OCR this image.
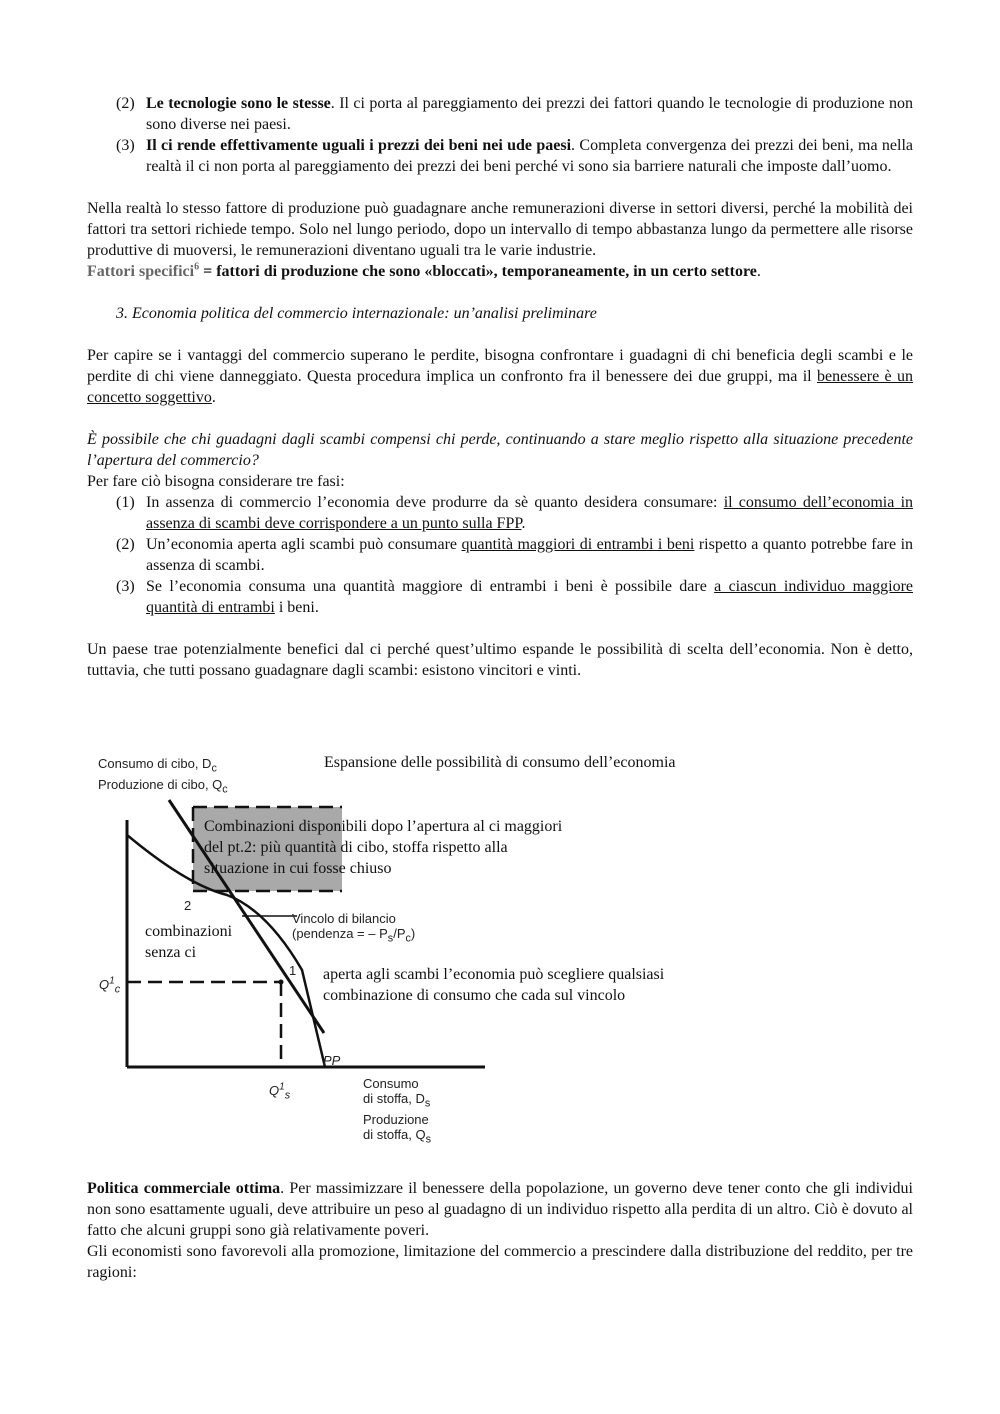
(2) Le tecnologie sono le stesse. Il ci porta al pareggiamento dei prezzi dei fattori quando le tecnologie di produzione non sono diverse nei paesi.
(3) Il ci rende effettivamente uguali i prezzi dei beni nei ude paesi. Completa convergenza dei prezzi dei beni, ma nella realtà il ci non porta al pareggiamento dei prezzi dei beni perché vi sono sia barriere naturali che imposte dall’uomo.

Nella realtà lo stesso fattore di produzione può guadagnare anche remunerazioni diverse in settori diversi, perché la mobilità dei fattori tra settori richiede tempo. Solo nel lungo periodo, dopo un intervallo di tempo abbastanza lungo da permettere alle risorse produttive di muoversi, le remunerazioni diventano uguali tra le varie industrie.

Fattori specifici$^6$ = fattori di produzione che sono «bloccati», temporaneamente, in un certo settore.

3. Economia politica del commercio internazionale: un’analisi preliminare

Per capire se i vantaggi del commercio superano le perdite, bisogna confrontare i guadagni di chi beneficia degli scambi e le perdite di chi viene danneggiato. Questa procedura implica un confronto fra il benessere dei due gruppi, ma il benessere è un concetto soggettivo.

È possibile che chi guadagni dagli scambi compensi chi perde, continuando a stare meglio rispetto alla situazione precedente l’apertura del commercio?

Per fare ciò bisogna considerare tre fasi:

(1) In assenza di commercio l’economia deve produrre da sè quanto desidera consumare: il consumo dell’economia in assenza di scambi deve corrispondere a un punto sulla FPP.
(2) Un’economia aperta agli scambi può consumare quantità maggiori di entrambi i beni rispetto a quanto potrebbe fare in assenza di scambi.
(3) Se l’economia consuma una quantità maggiore di entrambi i beni è possibile dare a ciascun individuo maggiore quantità di entrambi i beni.

Un paese trae potenzialmente benefici dal ci perché quest’ultimo espande le possibilità di scelta dell’economia. Non è detto, tuttavia, che tutti possano guadagnare dagli scambi: esistono vincitori e vinti.

Consumo di cibo, $D_c$
Produzione di cibo, $Q_c$
Vincolo di bilancio
(pendenza = – $P_s/P_c$)
Consumo
di stoffa, $D_s$
Produzione
di stoffa, $Q_s$
$Q^1_c$
$Q^1_s$
1
2
PP
Espansione delle possibilità di consumo dell’economia
Combinazioni disponibili dopo l’apertura al ci maggiori del pt.2: più quantità di cibo, stoffa rispetto alla situazione in cui fosse chiuso
combinazioni senza ci
aperta agli scambi l’economia può scegliere qualsiasi combinazione di consumo che cada sul vincolo

Politica commerciale ottima. Per massimizzare il benessere della popolazione, un governo deve tener conto che gli individui non sono esattamente uguali, deve attribuire un peso al guadagno di un individuo rispetto alla perdita di un altro. Ciò è dovuto al fatto che alcuni gruppi sono già relativamente poveri.

Gli economisti sono favorevoli alla promozione, limitazione del commercio a prescindere dalla distribuzione del reddito, per tre ragioni:
